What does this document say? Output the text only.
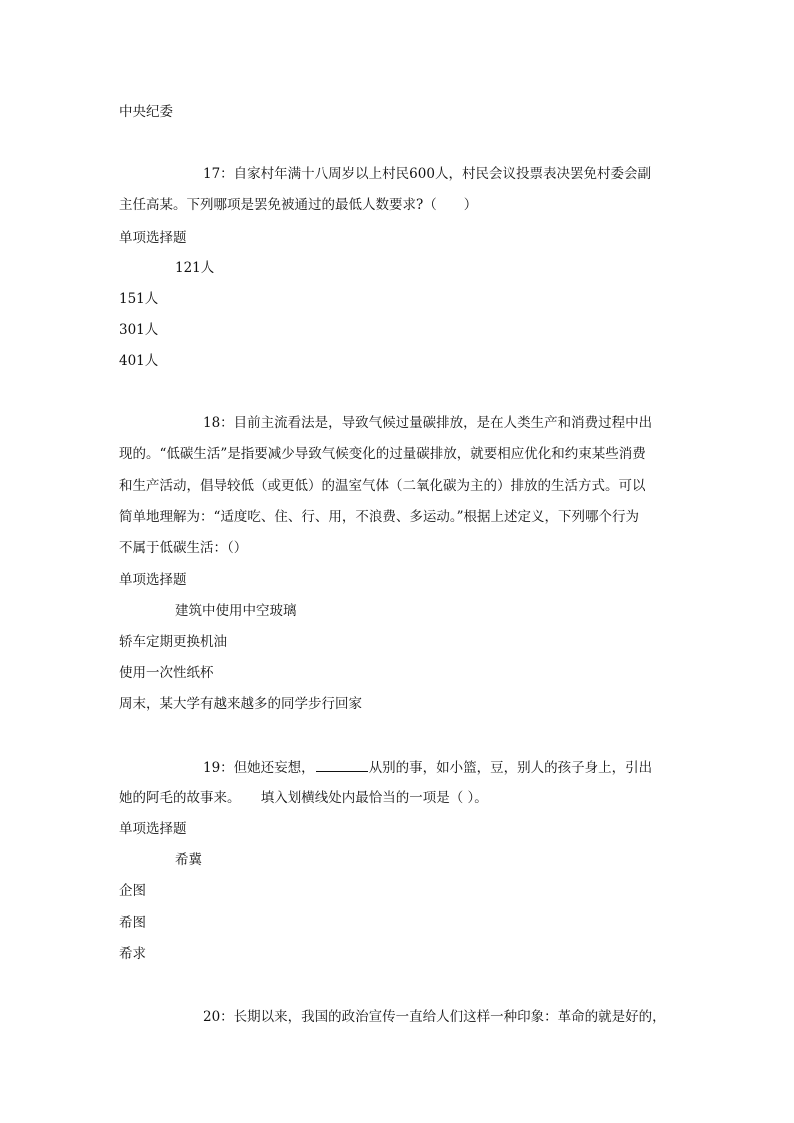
中央纪委
17：自家村年满十八周岁以上村民600人，村民会议投票表决罢免村委会副
主任高某。下列哪项是罢免被通过的最低人数要求?（　　）
单项选择题
121人
151人
301人
401人
18：目前主流看法是，导致气候过量碳排放，是在人类生产和消费过程中出
现的。“低碳生活”是指要减少导致气候变化的过量碳排放，就要相应优化和约束某些消费
和生产活动，倡导较低（或更低）的温室气体（二氧化碳为主的）排放的生活方式。可以
简单地理解为：“适度吃、住、行、用，不浪费、多运动。”根据上述定义，下列哪个行为
不属于低碳生活：（）
单项选择题
建筑中使用中空玻璃
轿车定期更换机油
使用一次性纸杯
周末，某大学有越来越多的同学步行回家
19：但她还妄想，	从别的事，如小篮，豆，别人的孩子身上，引出
她的阿毛的故事来。　　填入划横线处内最恰当的一项是（ ）。
单项选择题
希冀
企图
希图
希求
20：长期以来，我国的政治宣传一直给人们这样一种印象：革命的就是好的，
